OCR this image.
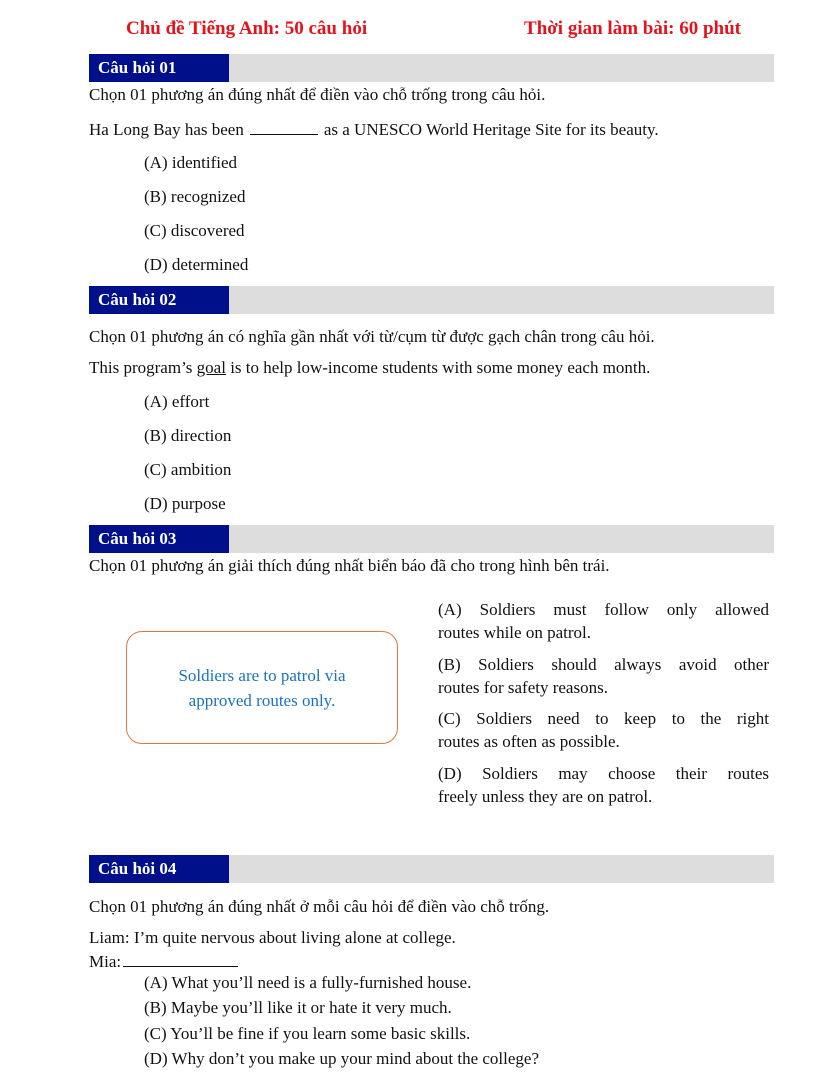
Chủ đề Tiếng Anh: 50 câu hỏi	Thời gian làm bài: 60 phút
Câu hỏi 01
Chọn 01 phương án đúng nhất để điền vào chỗ trống trong câu hỏi.
Ha Long Bay has been	as a UNESCO World Heritage Site for its beauty.
(A) identified
(B) recognized
(C) discovered
(D) determined
Câu hỏi 02
Chọn 01 phương án có nghĩa gần nhất với từ/cụm từ được gạch chân trong câu hỏi.
This program’s goal is to help low-income students with some money each month.
(A) effort
(B) direction
(C) ambition
(D) purpose
Câu hỏi 03
Chọn 01 phương án giải thích đúng nhất biển báo đã cho trong hình bên trái.
Soldiers are to patrol via approved routes only.
(A) Soldiers must follow only allowed
routes while on patrol.
(B) Soldiers should always avoid other
routes for safety reasons.
(C) Soldiers need to keep to the right
routes as often as possible.
(D) Soldiers may choose their routes
freely unless they are on patrol.
Câu hỏi 04
Chọn 01 phương án đúng nhất ở mỗi câu hỏi để điền vào chỗ trống.
Liam: I’m quite nervous about living alone at college.
Mia:
(A) What you’ll need is a fully-furnished house.
(B) Maybe you’ll like it or hate it very much.
(C) You’ll be fine if you learn some basic skills.
(D) Why don’t you make up your mind about the college?
